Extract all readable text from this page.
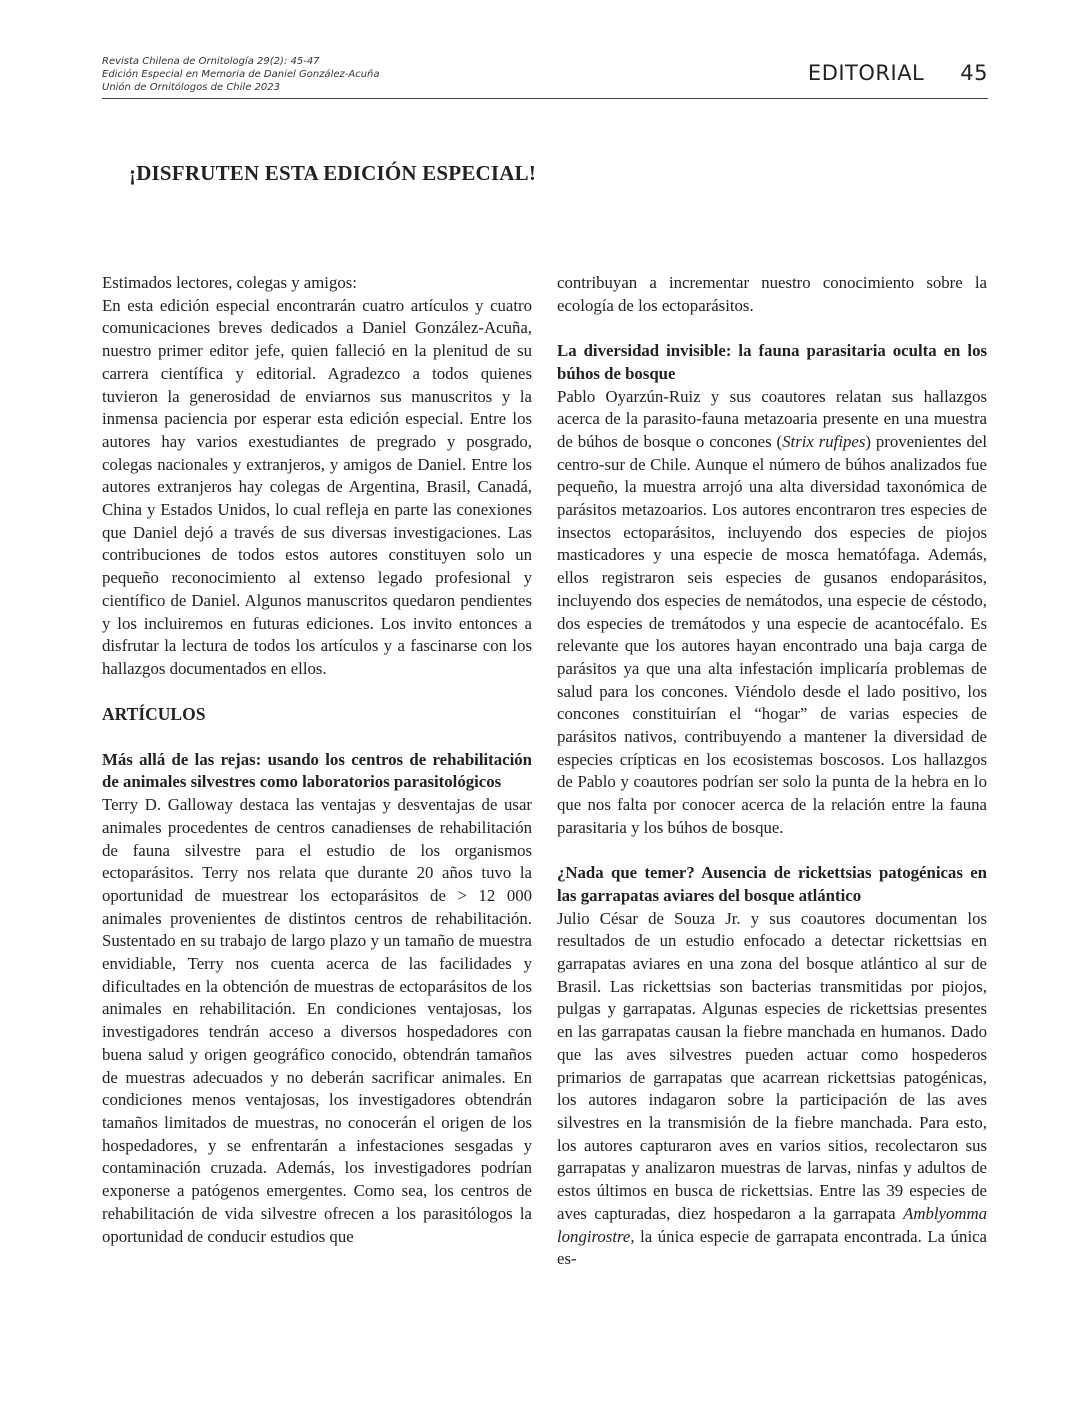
Revista Chilena de Ornitología 29(2): 45-47
Edición Especial en Memoria de Daniel González-Acuña
Unión de Ornitólogos de Chile 2023
EDITORIAL 45
¡DISFRUTEN ESTA EDICIÓN ESPECIAL!

Estimados lectores, colegas y amigos:

En esta edición especial encontrarán cuatro artículos y cuatro comunicaciones breves dedicados a Daniel González-Acuña, nuestro primer editor jefe, quien falleció en la plenitud de su carrera científica y editorial. Agradezco a todos quienes tuvieron la generosidad de enviarnos sus manuscritos y la inmensa paciencia por esperar esta edición especial. Entre los autores hay varios exestudiantes de pregrado y posgrado, colegas nacionales y extranjeros, y amigos de Daniel. Entre los autores extranjeros hay colegas de Argentina, Brasil, Canadá, China y Estados Unidos, lo cual refleja en parte las conexiones que Daniel dejó a través de sus diversas investigaciones. Las contribuciones de todos estos autores constituyen solo un pequeño reconocimiento al extenso legado profesional y científico de Daniel. Algunos manuscritos quedaron pendientes y los incluiremos en futuras ediciones. Los invito entonces a disfrutar la lectura de todos los artículos y a fascinarse con los hallazgos documentados en ellos.

ARTÍCULOS
Más allá de las rejas: usando los centros de rehabilitación de animales silvestres como laboratorios parasitológicos

Terry D. Galloway destaca las ventajas y desventajas de usar animales procedentes de centros canadienses de rehabilitación de fauna silvestre para el estudio de los organismos ectoparásitos. Terry nos relata que durante 20 años tuvo la oportunidad de muestrear los ectoparásitos de > 12 000 animales provenientes de distintos centros de rehabilitación. Sustentado en su trabajo de largo plazo y un tamaño de muestra envidiable, Terry nos cuenta acerca de las facilidades y dificultades en la obtención de muestras de ectoparásitos de los animales en rehabilitación. En condiciones ventajosas, los investigadores tendrán acceso a diversos hospedadores con buena salud y origen geográfico conocido, obtendrán tamaños de muestras adecuados y no deberán sacrificar animales. En condiciones menos ventajosas, los investigadores obtendrán tamaños limitados de muestras, no conocerán el origen de los hospedadores, y se enfrentarán a infestaciones sesgadas y contaminación cruzada. Además, los investigadores podrían exponerse a patógenos emergentes. Como sea, los centros de rehabilitación de vida silvestre ofrecen a los parasitólogos la oportunidad de conducir estudios que

contribuyan a incrementar nuestro conocimiento sobre la ecología de los ectoparásitos.

La diversidad invisible: la fauna parasitaria oculta en los búhos de bosque

Pablo Oyarzún-Ruiz y sus coautores relatan sus hallazgos acerca de la parasito-fauna metazoaria presente en una muestra de búhos de bosque o concones (Strix rufipes) provenientes del centro-sur de Chile. Aunque el número de búhos analizados fue pequeño, la muestra arrojó una alta diversidad taxonómica de parásitos metazoarios. Los autores encontraron tres especies de insectos ectoparásitos, incluyendo dos especies de piojos masticadores y una especie de mosca hematófaga. Además, ellos registraron seis especies de gusanos endoparásitos, incluyendo dos especies de nemátodos, una especie de céstodo, dos especies de tremátodos y una especie de acantocéfalo. Es relevante que los autores hayan encontrado una baja carga de parásitos ya que una alta infestación implicaría problemas de salud para los concones. Viéndolo desde el lado positivo, los concones constituirían el “hogar” de varias especies de parásitos nativos, contribuyendo a mantener la diversidad de especies crípticas en los ecosistemas boscosos. Los hallazgos de Pablo y coautores podrían ser solo la punta de la hebra en lo que nos falta por conocer acerca de la relación entre la fauna parasitaria y los búhos de bosque.

¿Nada que temer? Ausencia de rickettsias patogénicas en las garrapatas aviares del bosque atlántico

Julio César de Souza Jr. y sus coautores documentan los resultados de un estudio enfocado a detectar rickettsias en garrapatas aviares en una zona del bosque atlántico al sur de Brasil. Las rickettsias son bacterias transmitidas por piojos, pulgas y garrapatas. Algunas especies de rickettsias presentes en las garrapatas causan la fiebre manchada en humanos. Dado que las aves silvestres pueden actuar como hospederos primarios de garrapatas que acarrean rickettsias patogénicas, los autores indagaron sobre la participación de las aves silvestres en la transmisión de la fiebre manchada. Para esto, los autores capturaron aves en varios sitios, recolectaron sus garrapatas y analizaron muestras de larvas, ninfas y adultos de estos últimos en busca de rickettsias. Entre las 39 especies de aves capturadas, diez hospedaron a la garrapata Amblyomma longirostre, la única especie de garrapata encontrada. La única es-
